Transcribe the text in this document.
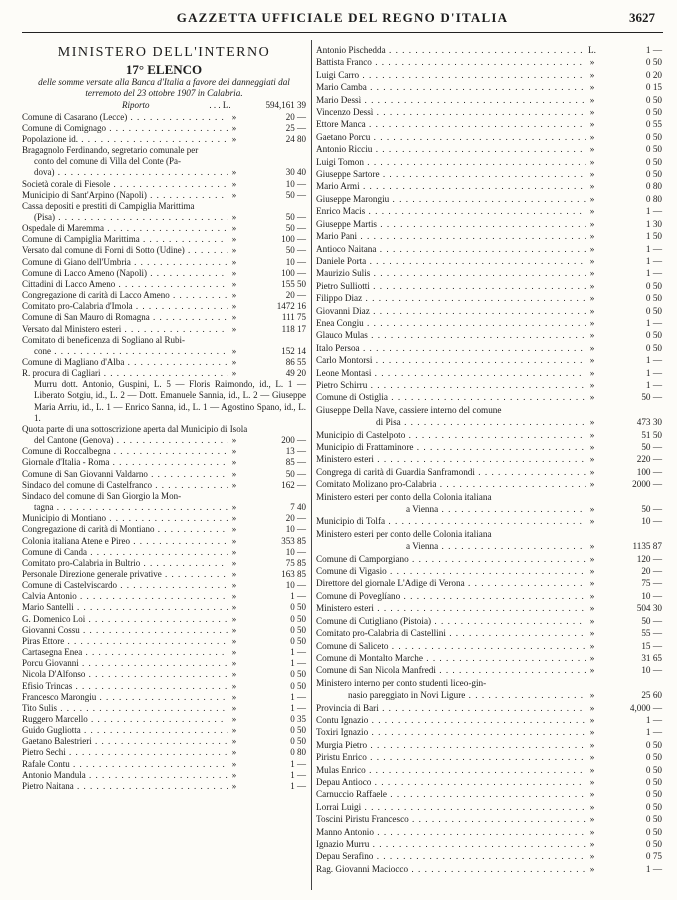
GAZZETTA UFFICIALE DEL REGNO D'ITALIA	3627
MINISTERO DELL'INTERNO
17° ELENCO
delle somme versate alla Banca d'Italia a favore dei danneggiati dal terremoto del 23 ottobre 1907 in Calabria.
Riporto	. . . L.	594,161 39
Comune di Casarano (Lecce) . . .	»	20 —
Comune di Comignago . . .	»	25 —
Popolazione id. . . .	»	24 80
Bragagnolo Ferdinando, segretario comunale per
conto del comune di Villa del Conte (Pa-
dova) . . .	»	30 40
Società corale di Fiesole . . .	»	10 —
Municipio di Sant'Arpino (Napoli) . . .	»	50 —
Cassa depositi e prestiti di Campiglia Marittima
(Pisa) . . .	»	50 —
Ospedale di Maremma . . .	»	50 —
Comune di Campiglia Marittima . . .	»	100 —
Versato dal comune di Forni di Sotto (Udine) . . .	»	50 —
Comune di Giano dell'Umbria . . .	»	10 —
Comune di Lacco Ameno (Napoli) . . .	»	100 —
Cittadini di Lacco Ameno . . .	»	155 50
Congregazione di carità di Lacco Ameno . . .	»	20 —
Comitato pro-Calabria d'Imola . . .	»	1472 16
Comune di San Mauro di Romagna . . .	»	111 75
Versato dal Ministero esteri . . .	»	118 17
Comitato di beneficenza di Sogliano al Rubi-
cone . . .	»	152 14
Comune di Magliano d'Alba . . .	»	86 55
R. procura di Cagliari . . .	»	49 20
Murru dott. Antonio, Guspini, L. 5 — Floris Raimondo, id., L. 1 — Liberato Sotgiu, id., L. 2 — Dott. Emanuele Sannia, id., L. 2 — Giuseppe Maria Arriu, id., L. 1 — Enrico Sanna, id., L. 1 — Agostino Spano, id., L. 1.
Quota parte di una sottoscrizione aperta dal Municipio di Isola
del Cantone (Genova) . . .	»	200 —
Comune di Roccalbegna . . .	»	13 —
Giornale d'Italia - Roma . . .	»	85 —
Comune di San Giovanni Valdarno . . .	»	50 —
Sindaco del comune di Castelfranco . . .	»	162 —
Sindaco del comune di San Giorgio la Mon-
tagna . . .	»	7 40
Municipio di Montiano . . .	»	20 —
Congregazione di carità di Montiano . . .	»	10 —
Colonia italiana Atene e Pireo . . .	»	353 85
Comune di Canda . . .	»	10 —
Comitato pro-Calabria in Bultrio . . .	»	75 85
Personale Direzione generale privative . . .	»	163 85
Comune di Castelviscardo . . .	»	10 —
Calvia Antonio . . .	»	1 —
Mario Santelli . . .	»	0 50
G. Domenico Loi . . .	»	0 50
Giovanni Cossu . . .	»	0 50
Piras Ettore . . .	»	0 50
Cartasegna Enea . . .	»	1 —
Porcu Giovanni . . .	»	1 —
Nicola D'Alfonso . . .	»	0 50
Efisio Trincas . . .	»	0 50
Francesco Marongiu . . .	»	1 —
Tito Sulis . . .	»	1 —
Ruggero Marcello . . .	»	0 35
Guido Gugliotta . . .	»	0 50
Gaetano Balestrieri . . .	»	0 50
Pietro Sechi . . .	»	0 80
Rafale Contu . . .	»	1 —
Antonio Mandula . . .	»	1 —
Pietro Naitana . . .	»	1 —
Antonio Pischedda . . .	L.	1 —
Battista Franco . . .	»	0 50
Luigi Carro . . .	»	0 20
Mario Camba . . .	»	0 15
Mario Dessì . . .	»	0 50
Vincenzo Dessì . . .	»	0 50
Ettore Manca . . .	»	0 55
Gaetano Porcu . . .	»	0 50
Antonio Ricciu . . .	»	0 50
Luigi Tomon . . .	»	0 50
Giuseppe Sartore . . .	»	0 50
Mario Armi . . .	»	0 80
Giuseppe Marongiu . . .	»	0 80
Enrico Macis . . .	»	1 —
Giuseppe Martis . . .	»	1 30
Mario Pani . . .	»	1 50
Antioco Naitana . . .	»	1 —
Daniele Porta . . .	»	1 —
Maurizio Sulis . . .	»	1 —
Pietro Sulliotti . . .	»	0 50
Filippo Diaz . . .	»	0 50
Giovanni Diaz . . .	»	0 50
Enea Congiu . . .	»	1 —
Glauco Mulas . . .	»	0 50
Italo Persoa . . .	»	0 50
Carlo Montorsi . . .	»	1 —
Leone Montasi . . .	»	1 —
Pietro Schirru . . .	»	1 —
Comune di Ostiglia . . .	»	50 —
Giuseppe Della Nave, cassiere interno del comune
di Pisa . . .	»	473 30
Municipio di Castelpoto . . .	»	51 50
Municipio di Frattaminore . . .	»	50 —
Ministero esteri . . .	»	220 —
Congrega di carità di Guardia Sanframondi . . .	»	100 —
Comitato Molizano pro-Calabria . . .	»	2000 —
Ministero esteri per conto della Colonia italiana
a Vienna . . .	»	50 —
Municipio di Tolfa . . .	»	10 —
Ministero esteri per conto delle Colonia italiana
a Vienna . . .	»	1135 87
Comune di Camporgiano . . .	»	120 —
Comune di Vigasio . . .	»	20 —
Direttore del giornale L'Adige di Verona . . .	»	75 —
Comune di Poveglíano . . .	»	10 —
Ministero esteri . . .	»	504 30
Comune di Cutigliano (Pistoia) . . .	»	50 —
Comitato pro-Calabria di Castellini . . .	»	55 —
Comune di Saliceto . . .	»	15 —
Comune di Montalto Marche . . .	»	31 65
Comune di San Nicola Manfredi . . .	»	10 —
Ministero interno per conto studenti liceo-gin-
nasio pareggiato in Novi Ligure . . .	»	25 60
Provincia di Bari . . .	»	4,000 —
Contu Ignazio . . .	»	1 —
Toxiri Ignazio . . .	»	1 —
Murgia Pietro . . .	»	0 50
Piristu Enrico . . .	»	0 50
Mulas Enrico . . .	»	0 50
Depau Antioco . . .	»	0 50
Carnuccio Raffaele . . .	»	0 50
Lorrai Luigi . . .	»	0 50
Toscini Piristu Francesco . . .	»	0 50
Manno Antonio . . .	»	0 50
Ignazio Murru . . .	»	0 50
Depau Serafino . . .	»	0 75
Rag. Giovanni Maciocco . . .	»	1 —
